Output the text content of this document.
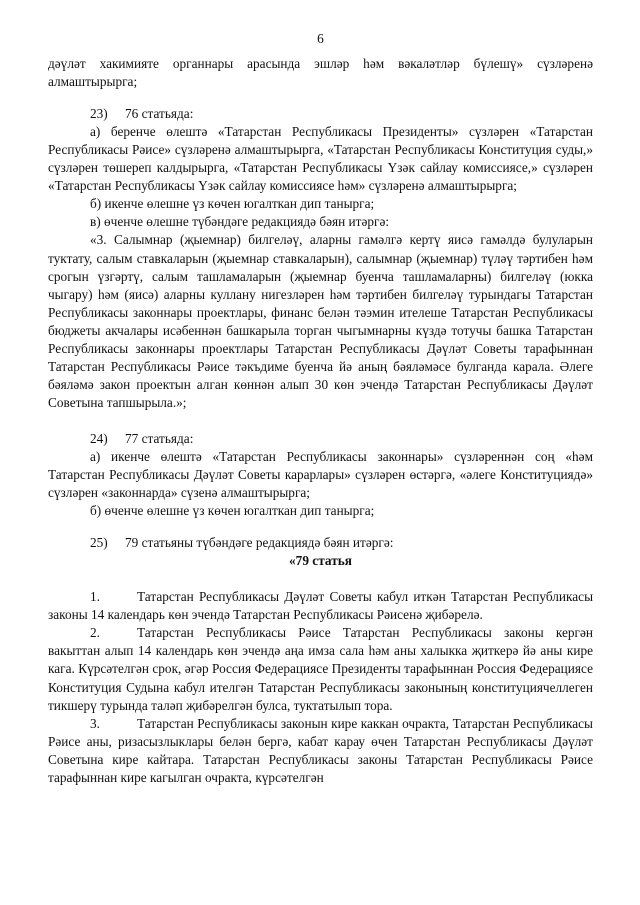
6

дәүләт хакимияте органнары арасында эшләр һәм вәкаләтләр бүлешү» сүзләренә алмаштырырга;

23) 76 статьяда:

а) беренче өлештә «Татарстан Республикасы Президенты» сүзләрен «Татарстан Республикасы Рәисе» сүзләренә алмаштырырга, «Татарстан Республикасы Конституция суды,» сүзләрен төшереп калдырырга, «Татарстан Республикасы Үзәк сайлау комиссиясе,» сүзләрен «Татарстан Республикасы Үзәк сайлау комиссиясе һәм» сүзләренә алмаштырырга;

б) икенче өлешне үз көчен югалткан дип танырга;

в) өченче өлешне түбәндәге редакциядә бәян итәргә:

«3. Салымнар (җыемнар) билгеләү, аларны гамәлгә кертү яисә гамәлдә булуларын туктату, салым ставкаларын (җыемнар ставкаларын), салымнар (җыемнар) түләү тәртибен һәм срогын үзгәртү, салым ташламаларын (җыемнар буенча ташламаларны) билгеләү (юкка чыгару) һәм (яисә) аларны куллану нигезләрен һәм тәртибен билгеләү турындагы Татарстан Республикасы законнары проектлары, финанс белән тәэмин ителеше Татарстан Республикасы бюджеты акчалары исәбеннән башкарыла торган чыгымнарны күздә тотучы башка Татарстан Республикасы законнары проектлары Татарстан Республикасы Дәүләт Советы тарафыннан Татарстан Республикасы Рәисе тәкъдиме буенча йә аның бәяләмәсе булганда карала. Әлеге бәяләмә закон проектын алган көннән алып 30 көн эчендә Татарстан Республикасы Дәүләт Советына тапшырыла.»;

24) 77 статьяда:

а) икенче өлештә «Татарстан Республикасы законнары» сүзләреннән соң «һәм Татарстан Республикасы Дәүләт Советы карарлары» сүзләрен өстәргә, «әлеге Конституциядә» сүзләрен «законнарда» сүзенә алмаштырырга;

б) өченче өлешне үз көчен югалткан дип танырга;

25) 79 статьяны түбәндәге редакциядә бәян итәргә:

«79 статья

1.	Татарстан Республикасы Дәүләт Советы кабул иткән Татарстан Республикасы законы 14 календарь көн эчендә Татарстан Республикасы Рәисенә җибәрелә.

2.	Татарстан Республикасы Рәисе Татарстан Республикасы законы кергән вакыттан алып 14 календарь көн эчендә аңа имза сала һәм аны халыкка җиткерә йә аны кире кага. Күрсәтелгән срок, әгәр Россия Федерациясе Президенты тарафыннан Россия Федерациясе Конституция Судына кабул ителгән Татарстан Республикасы законының конституциячеллеген тикшерү турында таләп җибәрелгән булса, туктатылып тора.

3.	Татарстан Республикасы законын кире каккан очракта, Татарстан Республикасы Рәисе аны, ризасызлыклары белән бергә, кабат карау өчен Татарстан Республикасы Дәүләт Советына кире кайтара. Татарстан Республикасы законы Татарстан Республикасы Рәисе тарафыннан кире кагылган очракта, күрсәтелгән
